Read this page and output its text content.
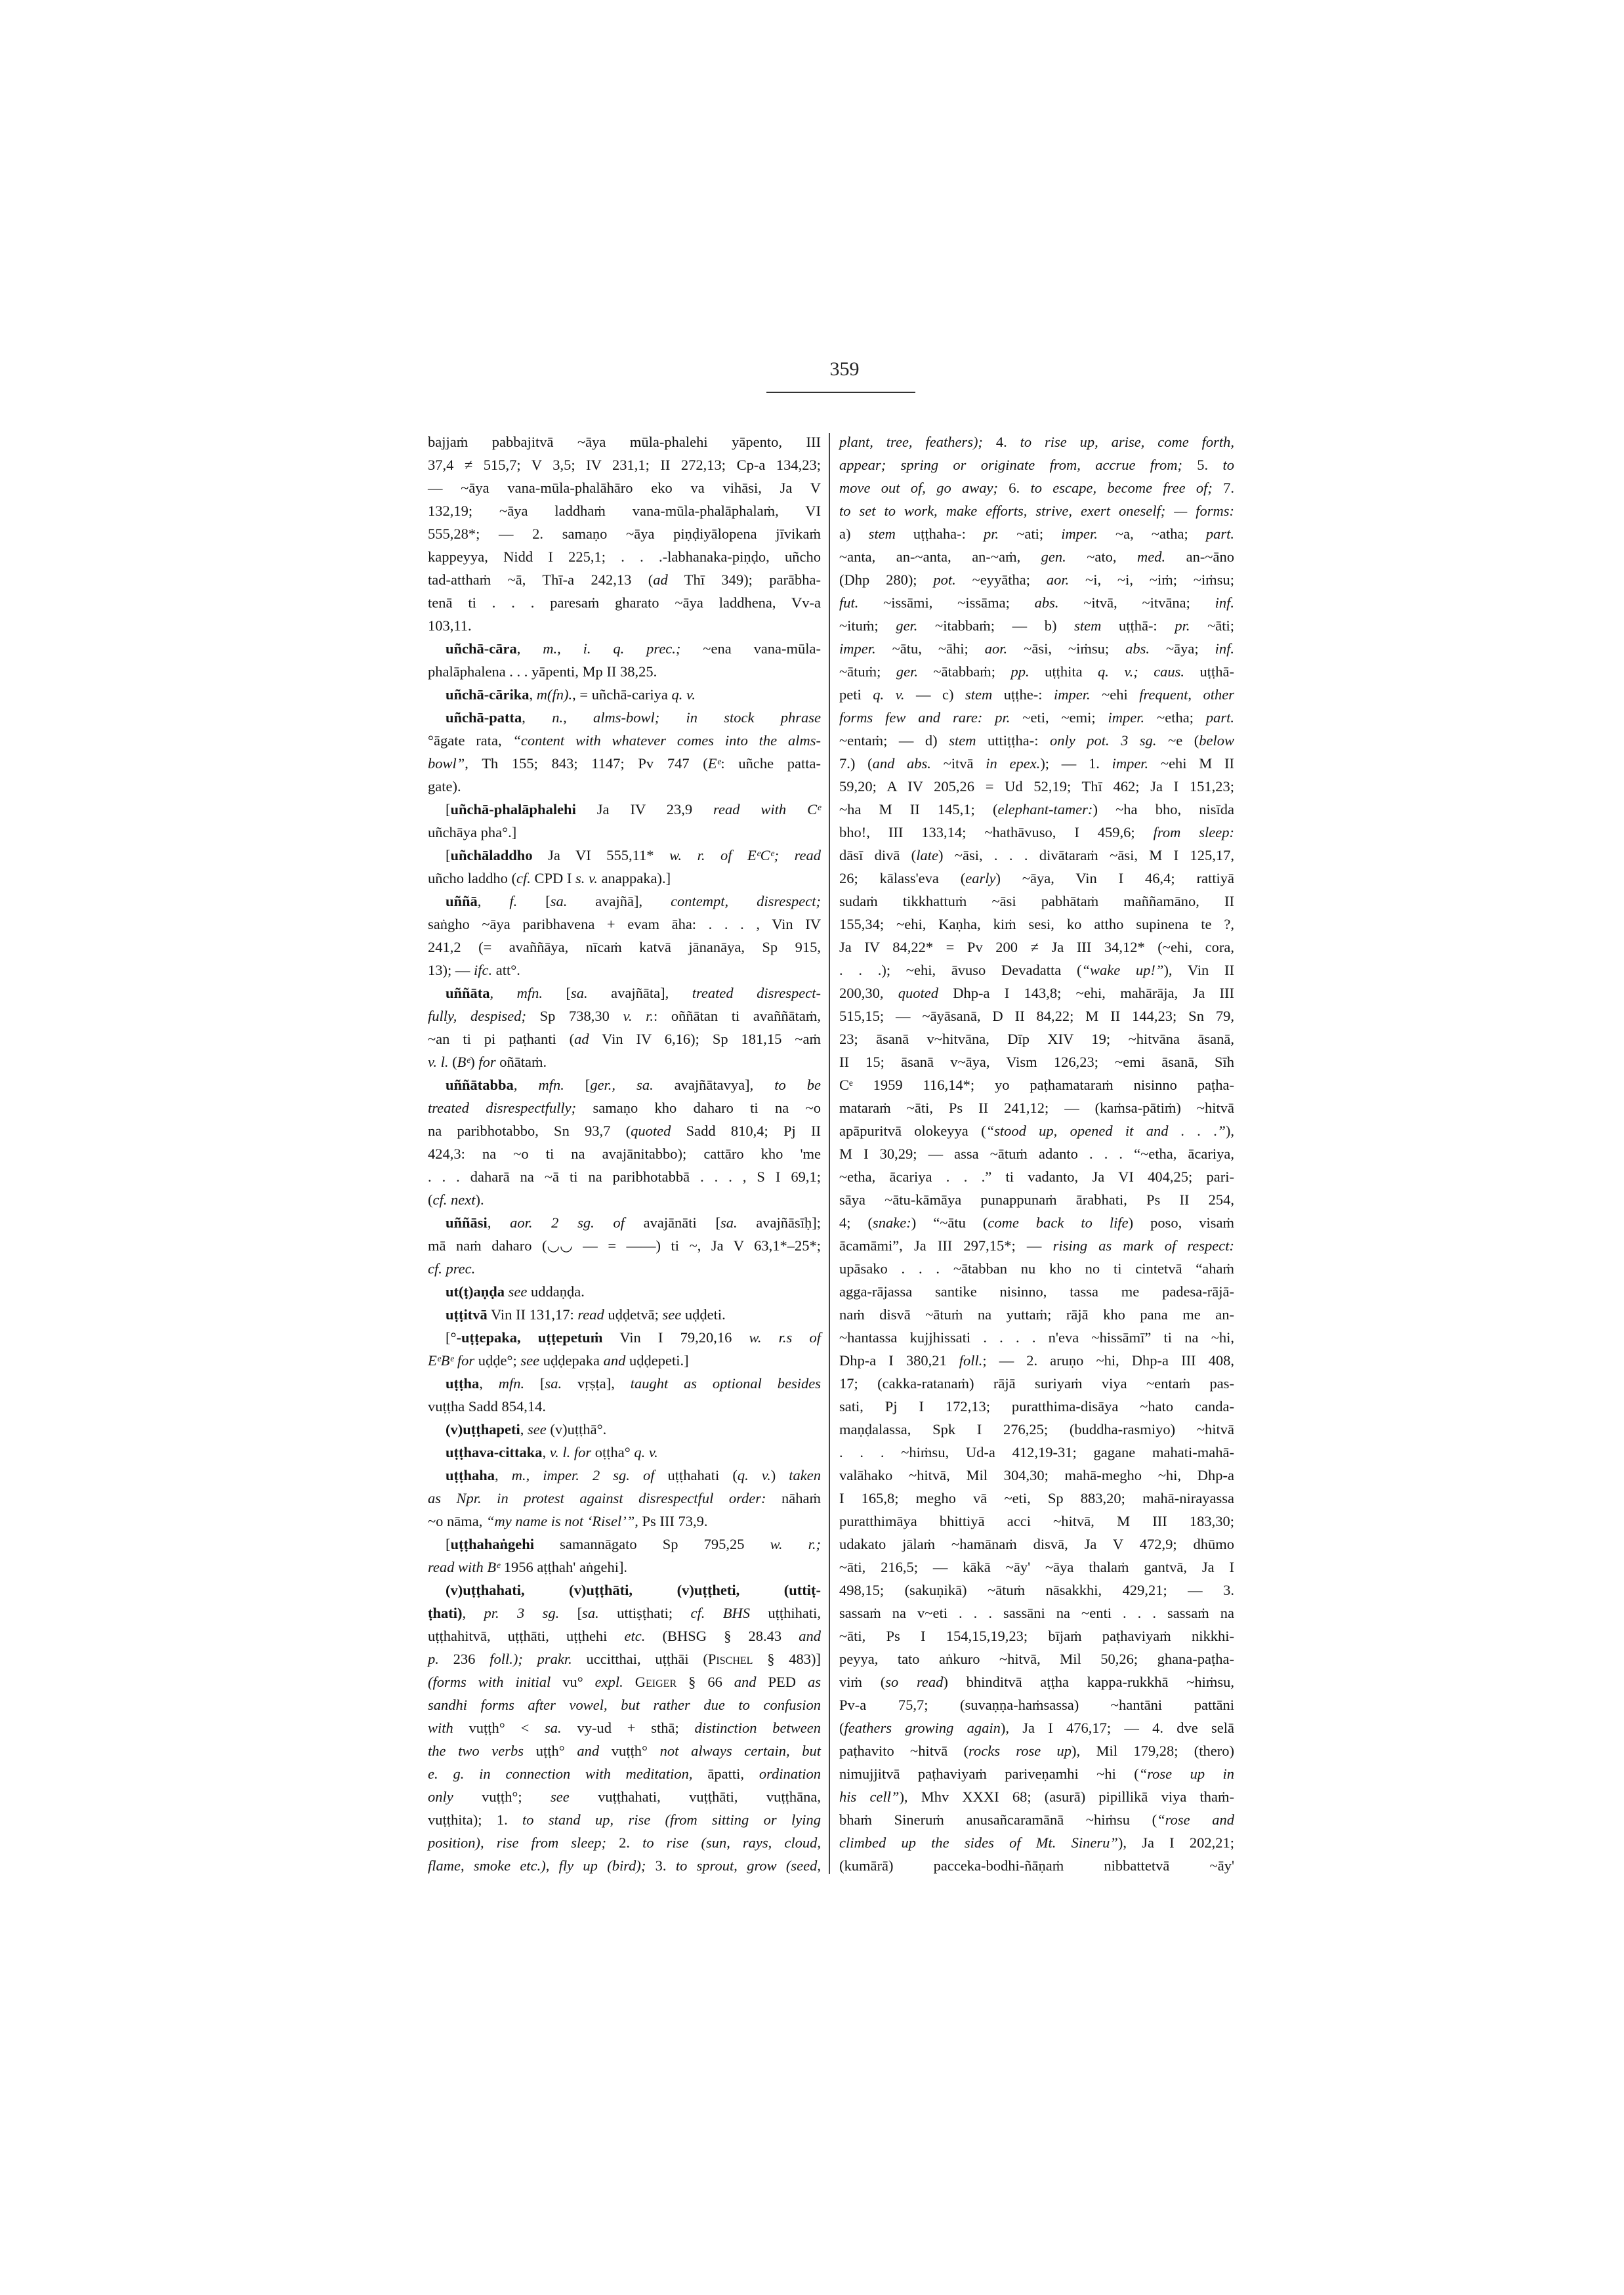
359
bajjaṁ pabbajitvā ~āya mūla-phalehi yāpento, III
37,4 ≠ 515,7; V 3,5; IV 231,1; II 272,13; Cp-a 134,23;
— ~āya vana-mūla-phalāhāro eko va vihāsi, Ja V
132,19; ~āya laddhaṁ vana-mūla-phalāphalaṁ, VI
555,28*; — 2. samaṇo ~āya piṇḍiyālopena jīvikaṁ
kappeyya, Nidd I 225,1; . . .-labhanaka-piṇḍo, uñcho
tad-atthaṁ ~ā, Thī-a 242,13 (ad Thī 349); parābha-
tenā ti . . . paresaṁ gharato ~āya laddhena, Vv-a
103,11.
uñchā-cāra, m., i. q. prec.; ~ena vana-mūla-
phalāphalena . . . yāpenti, Mp II 38,25.
uñchā-cārika, m(fn)., = uñchā-cariya q. v.
uñchā-patta, n., alms-bowl; in stock phrase
°āgate rata, “content with whatever comes into the alms-
bowl”, Th 155; 843; 1147; Pv 747 (Eᵉ: uñche patta-
gate).
[uñchā-phalāphalehi Ja IV 23,9 read with Cᵉ
uñchāya pha°.]
[uñchāladdho Ja VI 555,11* w. r. of EᵉCᵉ; read
uñcho laddho (cf. CPD I s. v. anappaka).]
uññā, f. [sa. avajñā], contempt, disrespect;
saṅgho ~āya paribhavena + evam āha: . . . , Vin IV
241,2 (= avaññāya, nīcaṁ katvā jānanāya, Sp 915,
13); — ifc. att°.
uññāta, mfn. [sa. avajñāta], treated disrespect-
fully, despised; Sp 738,30 v. r.: oññātan ti avaññātaṁ,
~an ti pi paṭhanti (ad Vin IV 6,16); Sp 181,15 ~aṁ
v. l. (Bᵉ) for oñātaṁ.
uññātabba, mfn. [ger., sa. avajñātavya], to be
treated disrespectfully; samaṇo kho daharo ti na ~o
na paribhotabbo, Sn 93,7 (quoted Sadd 810,4; Pj II
424,3: na ~o ti na avajānitabbo); cattāro kho 'me
. . . daharā na ~ā ti na paribhotabbā . . . , S I 69,1;
(cf. next).
uññāsi, aor. 2 sg. of avajānāti [sa. avajñāsīḥ];
mā naṁ daharo (◡◡ — = ——) ti ~, Ja V 63,1*–25*;
cf. prec.
ut(ṭ)aṇḍa see uddaṇḍa.
uṭṭitvā Vin II 131,17: read uḍḍetvā; see uḍḍeti.
[°-uṭṭepaka, uṭṭepetuṁ Vin I 79,20,16 w. r.s of
EᵉBᵉ for uḍḍe°; see uḍḍepaka and uḍḍepeti.]
uṭṭha, mfn. [sa. vṛṣṭa], taught as optional besides
vuṭṭha Sadd 854,14.
(v)uṭṭhapeti, see (v)uṭṭhā°.
uṭṭhava-cittaka, v. l. for oṭṭha° q. v.
uṭṭhaha, m., imper. 2 sg. of uṭṭhahati (q. v.) taken
as Npr. in protest against disrespectful order: nāhaṁ
~o nāma, “my name is not ‘Risel’”, Ps III 73,9.
[uṭṭhahaṅgehi samannāgato Sp 795,25 w. r.;
read with Bᵉ 1956 aṭṭhah' aṅgehi].
(v)uṭṭhahati, (v)uṭṭhāti, (v)uṭṭheti, (uttiṭ-
ṭhati), pr. 3 sg. [sa. uttiṣṭhati; cf. BHS uṭṭhihati,
uṭṭhahitvā, uṭṭhāti, uṭṭhehi etc. (BHSG § 28.43 and
p. 236 foll.); prakr. uccitthai, uṭṭhāi (Pischel § 483)]
(forms with initial vu° expl. Geiger § 66 and PED as
sandhi forms after vowel, but rather due to confusion
with vuṭṭh° < sa. vy-ud + sthā; distinction between
the two verbs uṭṭh° and vuṭṭh° not always certain, but
e. g. in connection with meditation, āpatti, ordination
only vuṭṭh°; see vuṭṭhahati, vuṭṭhāti, vuṭṭhāna,
vuṭṭhita); 1. to stand up, rise (from sitting or lying
position), rise from sleep; 2. to rise (sun, rays, cloud,
flame, smoke etc.), fly up (bird); 3. to sprout, grow (seed,
plant, tree, feathers); 4. to rise up, arise, come forth,
appear; spring or originate from, accrue from; 5. to
move out of, go away; 6. to escape, become free of; 7.
to set to work, make efforts, strive, exert oneself; — forms:
a) stem uṭṭhaha-: pr. ~ati; imper. ~a, ~atha; part.
~anta, an-~anta, an-~aṁ, gen. ~ato, med. an-~āno
(Dhp 280); pot. ~eyyātha; aor. ~i, ~i, ~iṁ; ~iṁsu;
fut. ~issāmi, ~issāma; abs. ~itvā, ~itvāna; inf.
~ituṁ; ger. ~itabbaṁ; — b) stem uṭṭhā-: pr. ~āti;
imper. ~ātu, ~āhi; aor. ~āsi, ~iṁsu; abs. ~āya; inf.
~ātuṁ; ger. ~ātabbaṁ; pp. uṭṭhita q. v.; caus. uṭṭhā-
peti q. v. — c) stem uṭṭhe-: imper. ~ehi frequent, other
forms few and rare: pr. ~eti, ~emi; imper. ~etha; part.
~entaṁ; — d) stem uttiṭṭha-: only pot. 3 sg. ~e (below
7.) (and abs. ~itvā in epex.); — 1. imper. ~ehi M II
59,20; A IV 205,26 = Ud 52,19; Thī 462; Ja I 151,23;
~ha M II 145,1; (elephant-tamer:) ~ha bho, nisīda
bho!, III 133,14; ~hathāvuso, I 459,6; from sleep:
dāsī divā (late) ~āsi, . . . divātaraṁ ~āsi, M I 125,17,
26; kālass'eva (early) ~āya, Vin I 46,4; rattiyā
sudaṁ tikkhattuṁ ~āsi pabhātaṁ maññamāno, II
155,34; ~ehi, Kaṇha, kiṁ sesi, ko attho supinena te ?,
Ja IV 84,22* = Pv 200 ≠ Ja III 34,12* (~ehi, cora,
. . .); ~ehi, āvuso Devadatta (“wake up!”), Vin II
200,30, quoted Dhp-a I 143,8; ~ehi, mahārāja, Ja III
515,15; — ~āyāsanā, D II 84,22; M II 144,23; Sn 79,
23; āsanā v~hitvāna, Dīp XIV 19; ~hitvāna āsanā,
II 15; āsanā v~āya, Vism 126,23; ~emi āsanā, Sīh
Cᵉ 1959 116,14*; yo paṭhamataraṁ nisinno paṭha-
mataraṁ ~āti, Ps II 241,12; — (kaṁsa-pātiṁ) ~hitvā
apāpuritvā olokeyya (“stood up, opened it and . . .”),
M I 30,29; — assa ~ātuṁ adanto . . . “~etha, ācariya,
~etha, ācariya . . .” ti vadanto, Ja VI 404,25; pari-
sāya ~ātu-kāmāya punappunaṁ ārabhati, Ps II 254,
4; (snake:) “~ātu (come back to life) poso, visaṁ
ācamāmi”, Ja III 297,15*; — rising as mark of respect:
upāsako . . . ~ātabban nu kho no ti cintetvā “ahaṁ
agga-rājassa santike nisinno, tassa me padesa-rājā-
naṁ disvā ~ātuṁ na yuttaṁ; rājā kho pana me an-
~hantassa kujjhissati . . . . n'eva ~hissāmī” ti na ~hi,
Dhp-a I 380,21 foll.; — 2. aruṇo ~hi, Dhp-a III 408,
17; (cakka-ratanaṁ) rājā suriyaṁ viya ~entaṁ pas-
sati, Pj I 172,13; puratthima-disāya ~hato canda-
maṇḍalassa, Spk I 276,25; (buddha-rasmiyo) ~hitvā
. . . ~hiṁsu, Ud-a 412,19-31; gagane mahati-mahā-
valāhako ~hitvā, Mil 304,30; mahā-megho ~hi, Dhp-a
I 165,8; megho vā ~eti, Sp 883,20; mahā-nirayassa
puratthimāya bhittiyā acci ~hitvā, M III 183,30;
udakato jālaṁ ~hamānaṁ disvā, Ja V 472,9; dhūmo
~āti, 216,5; — kākā ~āy' ~āya thalaṁ gantvā, Ja I
498,15; (sakuṇikā) ~ātuṁ nāsakkhi, 429,21; — 3.
sassaṁ na v~eti . . . sassāni na ~enti . . . sassaṁ na
~āti, Ps I 154,15,19,23; bījaṁ paṭhaviyaṁ nikkhi-
peyya, tato aṅkuro ~hitvā, Mil 50,26; ghana-paṭha-
viṁ (so read) bhinditvā aṭṭha kappa-rukkhā ~hiṁsu,
Pv-a 75,7; (suvaṇṇa-haṁsassa) ~hantāni pattāni
(feathers growing again), Ja I 476,17; — 4. dve selā
paṭhavito ~hitvā (rocks rose up), Mil 179,28; (thero)
nimujjitvā paṭhaviyaṁ pariveṇamhi ~hi (“rose up in
his cell”), Mhv XXXI 68; (asurā) pipillikā viya thaṁ-
bhaṁ Sineruṁ anusañcaramānā ~hiṁsu (“rose and
climbed up the sides of Mt. Sineru”), Ja I 202,21;
(kumārā) pacceka-bodhi-ñāṇaṁ nibbattetvā ~āy'
